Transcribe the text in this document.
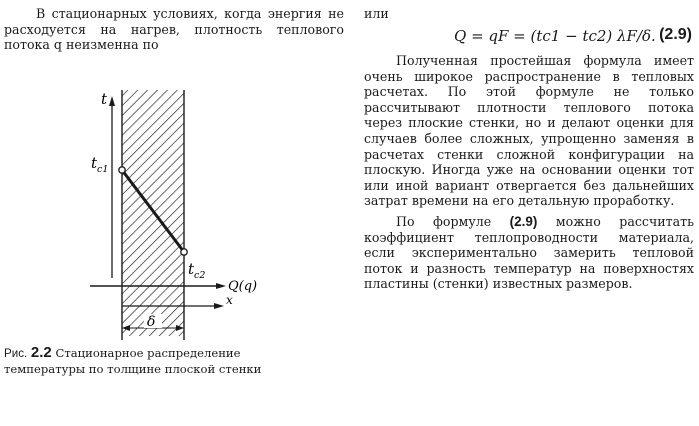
В стационарных условиях, когда энергия не расходуется на нагрев, плотность теплового потока q неизменна по

t
$t_{c1}$
$t_{c2}$
Q(q)
x
δ
Рис. 2.2 Стационарное распределение температуры по толщине плоской стенки

или

Q = qF = (tc1 − tc2) λF/δ. (2.9)

Полученная простейшая формула имеет очень широкое распространение в тепловых расчетах. По этой формуле не только рассчитывают плотности теплового потока через плоские стенки, но и делают оценки для случаев более сложных, упрощенно заменяя в расчетах стенки сложной конфигурации на плоскую. Иногда уже на основании оценки тот или иной вариант отвергается без дальнейших затрат времени на его детальную проработку.

По формуле (2.9) можно рассчитать коэффициент теплопроводности материала, если экспериментально замерить тепловой поток и разность температур на поверхностях пластины (стенки) известных размеров.
